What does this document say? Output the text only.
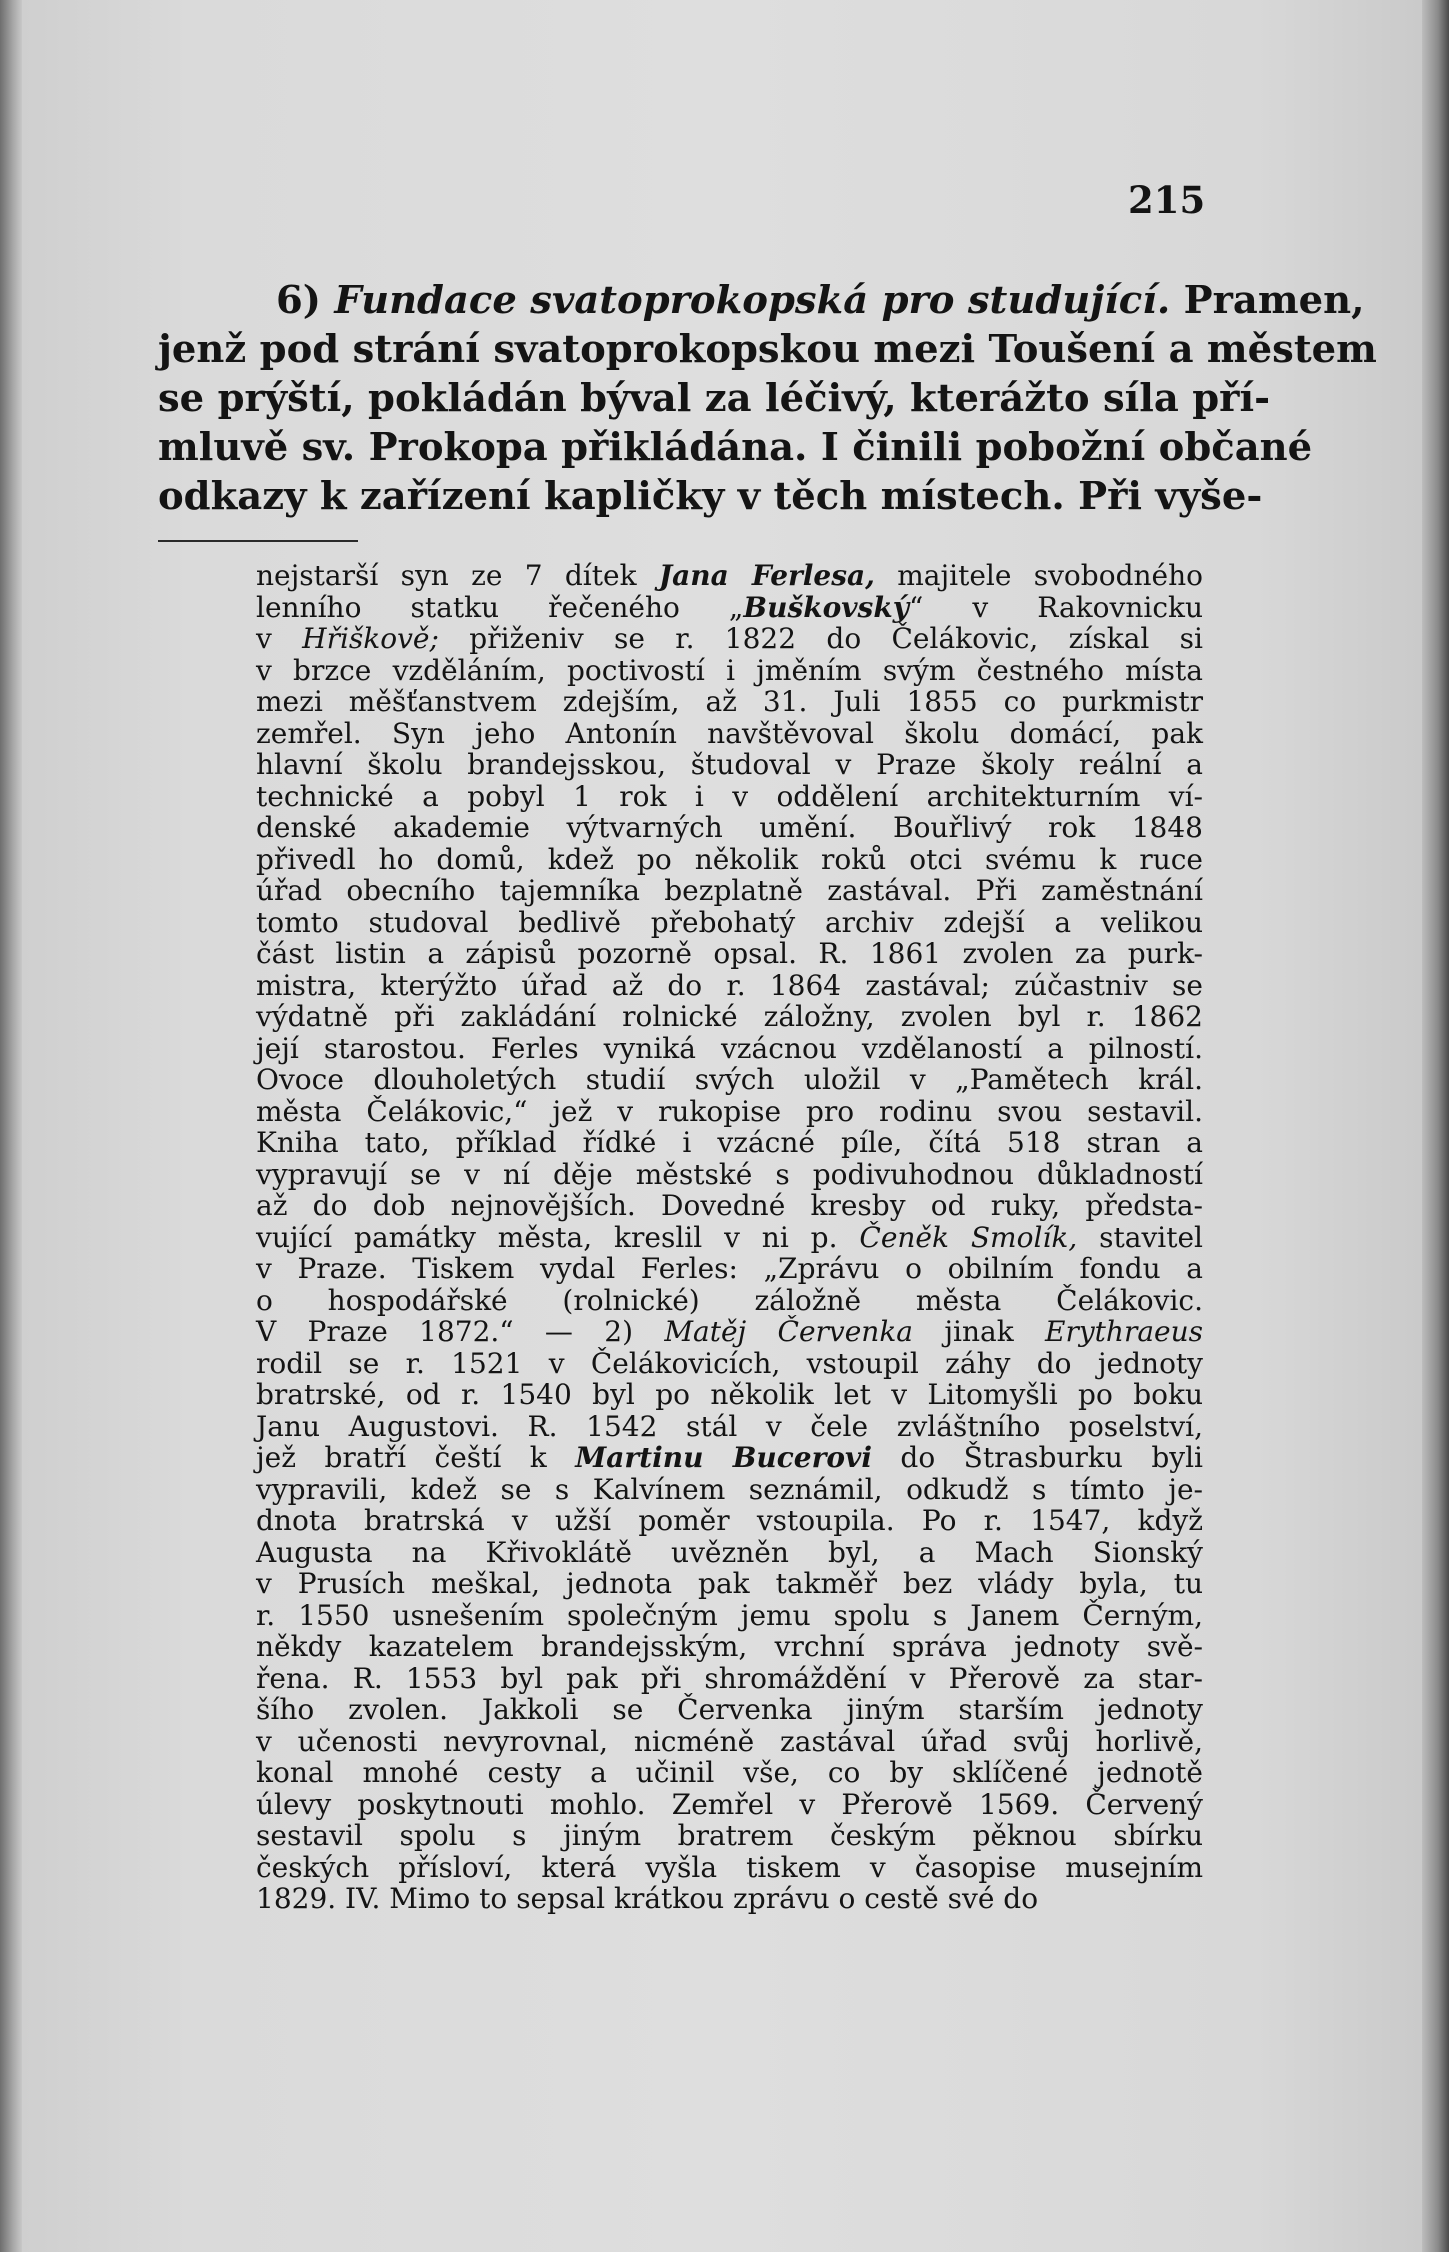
215
6) Fundace svatoprokopská pro studující. Pramen,
jenž pod strání svatoprokopskou mezi Toušení a městem
se prýští, pokládán býval za léčivý, kterážto síla pří-
mluvě sv. Prokopa přikládána. I činili pobožní občané
odkazy k zařízení kapličky v těch místech. Při vyše-
nejstarší syn ze 7 dítek Jana Ferlesa, majitele svobodného
lenního statku řečeného „Buškovský“ v Rakovnicku
v Hřiškově; přiženiv se r. 1822 do Čelákovic, získal si
v brzce vzděláním, poctivostí i jměním svým čestného místa
mezi měšťanstvem zdejším, až 31. Juli 1855 co purkmistr
zemřel. Syn jeho Antonín navštěvoval školu domácí, pak
hlavní školu brandejsskou, študoval v Praze školy reální a
technické a pobyl 1 rok i v oddělení architekturním ví-
denské akademie výtvarných umění. Bouřlivý rok 1848
přivedl ho domů, kdež po několik roků otci svému k ruce
úřad obecního tajemníka bezplatně zastával. Při zaměstnání
tomto studoval bedlivě přebohatý archiv zdejší a velikou
část listin a zápisů pozorně opsal. R. 1861 zvolen za purk-
mistra, kterýžto úřad až do r. 1864 zastával; zúčastniv se
výdatně při zakládání rolnické záložny, zvolen byl r. 1862
její starostou. Ferles vyniká vzácnou vzdělaností a pilností.
Ovoce dlouholetých studií svých uložil v „Pamětech král.
města Čelákovic,“ jež v rukopise pro rodinu svou sestavil.
Kniha tato, příklad řídké i vzácné píle, čítá 518 stran a
vypravují se v ní děje městské s podivuhodnou důkladností
až do dob nejnovějších. Dovedné kresby od ruky, předsta-
vující památky města, kreslil v ni p. Čeněk Smolík, stavitel
v Praze. Tiskem vydal Ferles: „Zprávu o obilním fondu a
o hospodářské (rolnické) záložně města Čelákovic.
V Praze 1872.“ — 2) Matěj Červenka jinak Erythraeus
rodil se r. 1521 v Čelákovicích, vstoupil záhy do jednoty
bratrské, od r. 1540 byl po několik let v Litomyšli po boku
Janu Augustovi. R. 1542 stál v čele zvláštního poselství,
jež bratří čeští k Martinu Bucerovi do Štrasburku byli
vypravili, kdež se s Kalvínem seznámil, odkudž s tímto je-
dnota bratrská v užší poměr vstoupila. Po r. 1547, když
Augusta na Křivoklátě uvězněn byl, a Mach Sionský
v Prusích meškal, jednota pak takměř bez vlády byla, tu
r. 1550 usnešením společným jemu spolu s Janem Černým,
někdy kazatelem brandejsským, vrchní správa jednoty svě-
řena. R. 1553 byl pak při shromáždění v Přerově za star-
šího zvolen. Jakkoli se Červenka jiným starším jednoty
v učenosti nevyrovnal, nicméně zastával úřad svůj horlivě,
konal mnohé cesty a učinil vše, co by sklíčené jednotě
úlevy poskytnouti mohlo. Zemřel v Přerově 1569. Červený
sestavil spolu s jiným bratrem českým pěknou sbírku
českých přísloví, která vyšla tiskem v časopise musejním
1829. IV. Mimo to sepsal krátkou zprávu o cestě své do
